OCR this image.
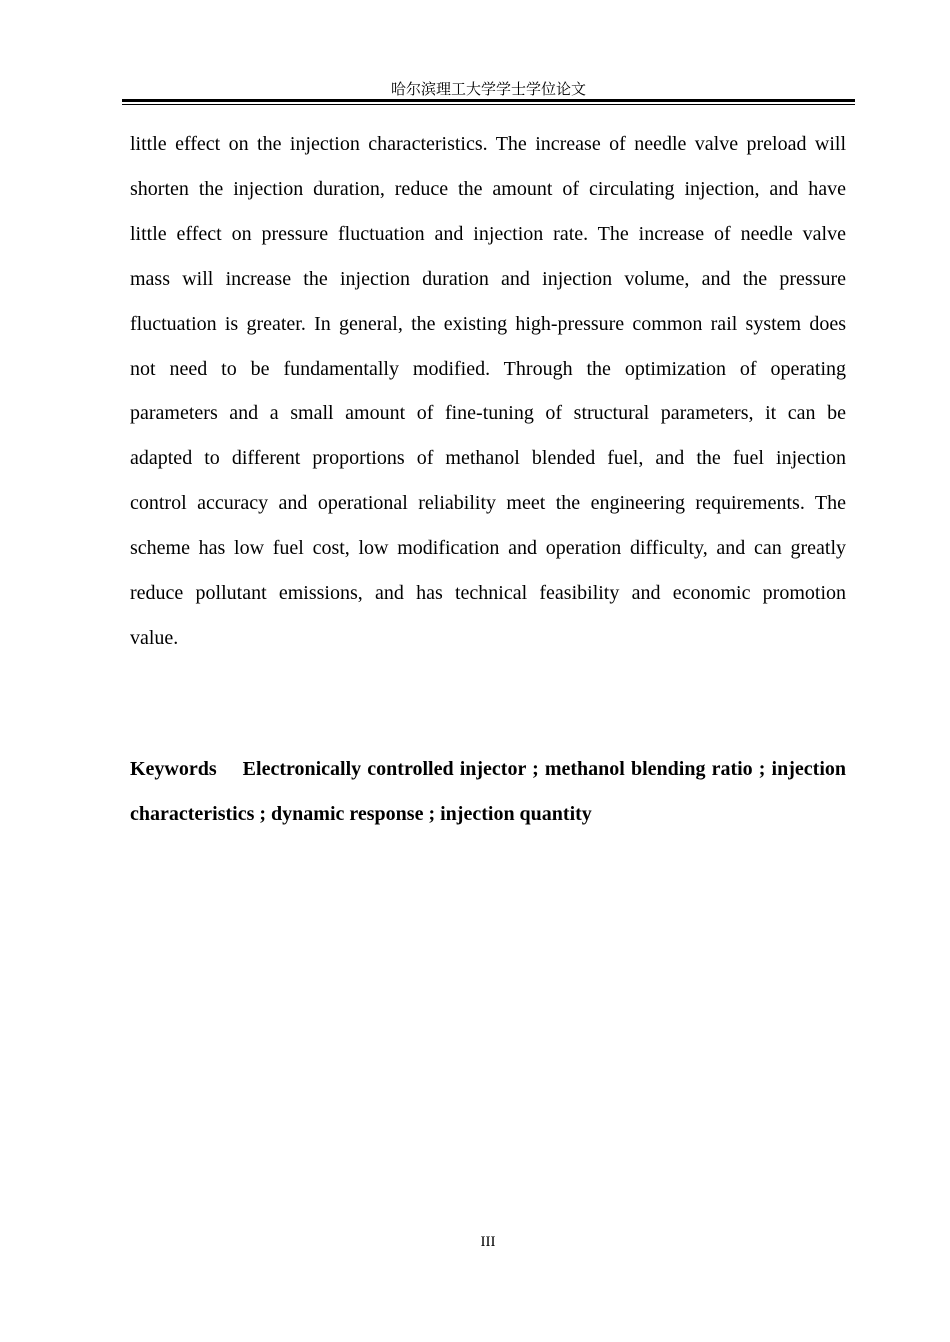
哈尔滨理工大学学士学位论文

little effect on the injection characteristics. The increase of needle valve preload will shorten the injection duration, reduce the amount of circulating injection, and have little effect on pressure fluctuation and injection rate. The increase of needle valve mass will increase the injection duration and injection volume, and the pressure fluctuation is greater. In general, the existing high-pressure common rail system does not need to be fundamentally modified. Through the optimization of operating parameters and a small amount of fine-tuning of structural parameters, it can be adapted to different proportions of methanol blended fuel, and the fuel injection control accuracy and operational reliability meet the engineering requirements. The scheme has low fuel cost, low modification and operation difficulty, and can greatly reduce pollutant emissions, and has technical feasibility and economic promotion value.

Keywords Electronically controlled injector ; methanol blending ratio ; injection characteristics ; dynamic response ; injection quantity

III
